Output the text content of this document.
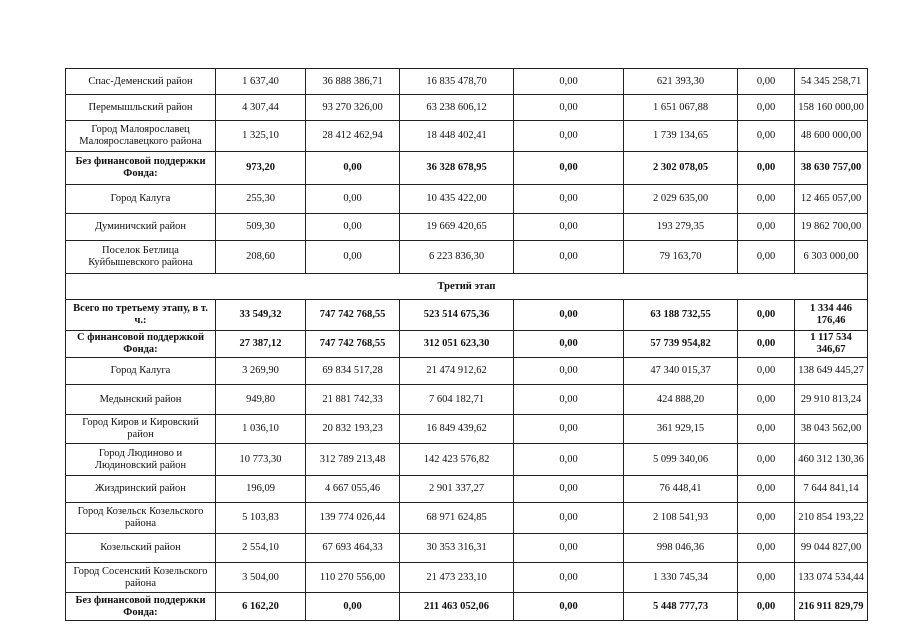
Спас-Деменский район	1 637,40	36 888 386,71	16 835 478,70	0,00	621 393,30	0,00	54 345 258,71
Перемышльский район	4 307,44	93 270 326,00	63 238 606,12	0,00	1 651 067,88	0,00	158 160 000,00
Город Малоярославец Малоярославецкого района	1 325,10	28 412 462,94	18 448 402,41	0,00	1 739 134,65	0,00	48 600 000,00
Без финансовой поддержки Фонда:	973,20	0,00	36 328 678,95	0,00	2 302 078,05	0,00	38 630 757,00
Город Калуга	255,30	0,00	10 435 422,00	0,00	2 029 635,00	0,00	12 465 057,00
Думиничский район	509,30	0,00	19 669 420,65	0,00	193 279,35	0,00	19 862 700,00
Поселок Бетлица Куйбышевского района	208,60	0,00	6 223 836,30	0,00	79 163,70	0,00	6 303 000,00
Третий этап							
Всего по третьему этапу, в т. ч.:	33 549,32	747 742 768,55	523 514 675,36	0,00	63 188 732,55	0,00	1 334 446 176,46
С финансовой поддержкой Фонда:	27 387,12	747 742 768,55	312 051 623,30	0,00	57 739 954,82	0,00	1 117 534 346,67
Город Калуга	3 269,90	69 834 517,28	21 474 912,62	0,00	47 340 015,37	0,00	138 649 445,27
Медынский район	949,80	21 881 742,33	7 604 182,71	0,00	424 888,20	0,00	29 910 813,24
Город Киров и Кировский район	1 036,10	20 832 193,23	16 849 439,62	0,00	361 929,15	0,00	38 043 562,00
Город Людиново и Людиновский район	10 773,30	312 789 213,48	142 423 576,82	0,00	5 099 340,06	0,00	460 312 130,36
Жиздринский район	196,09	4 667 055,46	2 901 337,27	0,00	76 448,41	0,00	7 644 841,14
Город Козельск Козельского района	5 103,83	139 774 026,44	68 971 624,85	0,00	2 108 541,93	0,00	210 854 193,22
Козельский район	2 554,10	67 693 464,33	30 353 316,31	0,00	998 046,36	0,00	99 044 827,00
Город Сосенский Козельского района	3 504,00	110 270 556,00	21 473 233,10	0,00	1 330 745,34	0,00	133 074 534,44
Без финансовой поддержки Фонда:	6 162,20	0,00	211 463 052,06	0,00	5 448 777,73	0,00	216 911 829,79
